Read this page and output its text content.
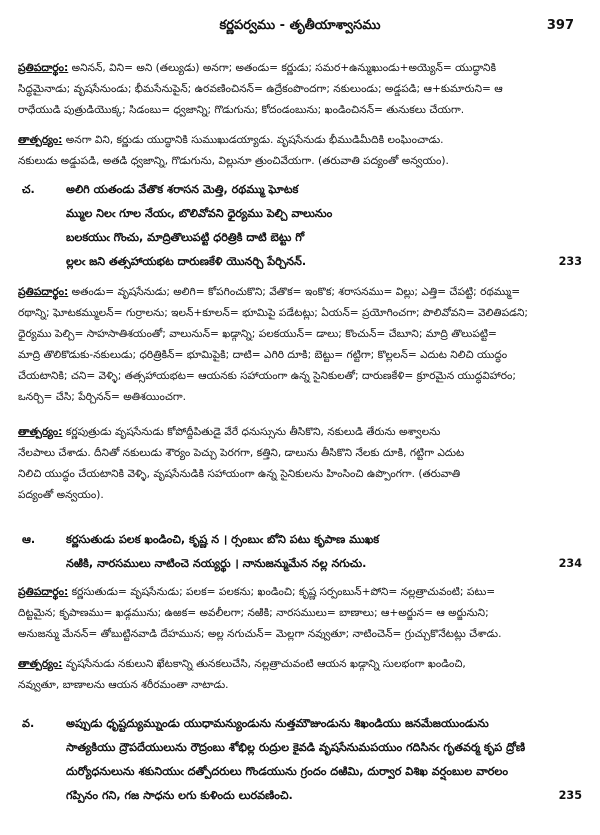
కర్ణపర్వము - తృతీయాశ్వాసము	397
ప్రతిపదార్థం: అనినన్, విని= అని (తల్యుడు) అనగా; అతండు= కర్ణుడు; సమర+ఉన్ముఖుండు+అయ్యెన్= యుద్ధానికి
సిద్ధమైనాడు; వృషసేనుండు; భీమసేనుపైన్; ఉరవణించినన్= ఉద్రేకంపొందగా; నకులుండు; అడ్డపడి; ఆ+కుమారుని= ఆ
రాధేయుడి పుత్రుడియొక్క; సిడంబు= ధ్వజాన్ని; గొడుగును; కోదండంబును; ఖండించినన్= తునుకలు చేయగా.
తాత్పర్యం: అనగా విని, కర్ణుడు యుద్ధానికి సుముఖుడయ్యాడు. వృషసేనుడు భీముడిమీదికి లంఘించాడు.
నకులుడు అడ్డుపడి, అతడి ధ్వజాన్ని, గొడుగును, విల్లునూ త్రుంచివేయగా. (తరువాతి పద్యంతో అన్వయం).
చ.	అలిగి యతండు వేతొక శరాసన మెత్తి, రథమ్ము ఘోటక
మ్ముల నిలఁ గూల నేయఁ, బొలివోవని ధైర్యము పెల్చి వాలునుం
బలకయుఁ గొంచు, మాద్రితొలుపట్టి ధరిత్రికి దాటి బెట్టు గో
ల్లలఁ జని తత్సహాయభట దారుణకేళి యొనర్చి పేర్చినన్.	233
ప్రతిపదార్థం: అతండు= వృషసేనుడు; అలిగి= కోపగించుకొని; వేతొక= ఇంకొక; శరాసనము= విల్లు; ఎత్తి= చేపట్టి; రథమ్ము=
రథాన్ని; ఘోటకమ్ములన్= గుర్రాలను; ఇలన్+కూలన్= భూమిపై పడేటట్లు; ఏయన్= ప్రయోగించగా; పొలివోవని= వెలితిపడని;
ధైర్యము పెల్చి= సాహసాతిశయంతో; వాలునున్= ఖడ్గాన్ని; పలకయున్= డాలు; కొంచున్= చేబూని; మాద్రి తొలుపట్టి=
మాద్రి తొలికొడుకు-నకులుడు; ధరిత్రికిన్= భూమిపైకి; దాటి= ఎగిరి దూకి; బెట్టు= గట్టిగా; కొల్లలన్= ఎదుట నిలిచి యుద్ధం
చేయటానికి; చని= వెళ్ళి; తత్సహాయభట= ఆయనకు సహాయంగా ఉన్న సైనికులతో; దారుణకేళి= క్రూరమైన యుద్ధవిహారం;
ఒనర్చి= చేసి; పేర్చినన్= అతిశయించగా.
తాత్పర్యం: కర్ణపుత్రుడు వృషసేనుడు కోపోద్దీపితుడై వేరే ధనుస్సును తీసికొని, నకులుడి తేరును అశ్వాలను
నేలపాలు చేశాడు. దీనితో నకులుడు శౌర్యం పెచ్చు పెరగగా, కత్తిని, డాలును తీసికొని నేలకు దూకి, గట్టిగా ఎదుట
నిలిచి యుద్ధం చేయటానికి వెళ్ళి, వృషసేనుడికి సహాయంగా ఉన్న సైనికులను హింసించి ఉప్పొంగగా. (తరువాతి
పద్యంతో అన్వయం).
ఆ.	కర్ణసుతుడు పలక ఖండించి, కృష్ణ న । ర్సంబుఁ బోని పటు కృపాణ ముఖక
నఱికి, నారసములు నాటించె నయ్యర్థు । నానుజన్ముమేన నల్ల నగుచు.	234
ప్రతిపదార్థం: కర్ణసుతుడు= వృషసేనుడు; పలక= పలకను; ఖండించి; కృష్ణ సర్పంబున్+పోని= నల్లత్రాచువంటి; పటు=
దిట్టమైన; కృపాణము= ఖడ్గమును; ఉఱక= అవలీలగా; నఱికి; నారసములు= బాణాలు; ఆ+అర్జున= ఆ అర్జునుని;
అనుజన్ము మేనన్= తోబుట్టినవాడి దేహమున; అల్ల నగుచున్= మెల్లగా నవ్వుతూ; నాటించెన్= గ్రుచ్చుకొనేటట్లు చేశాడు.
తాత్పర్యం: వృషసేనుడు నకులుని ఖేటకాన్ని తునకలుచేసి, నల్లత్రాచువంటి ఆయన ఖడ్గాన్ని సులభంగా ఖండించి,
నవ్వుతూ, బాణాలను ఆయన శరీరమంతా నాటాడు.
వ.	అప్పుడు ధృష్టద్యుమ్నుండు యుధామన్యుండును నుత్తమౌజుండును శిఖండియు జనమేజయుండును
సాత్యకియు ద్రౌపదేయులును రౌద్రంబు శోభిల్ల రుద్రుల కైవడి వృషసేనుమపయుం గదిసినఁ గృతవర్మ కృప ద్రోణి
దుర్యోధనులును శకునియుఁ దత్పోదరులు గొండయును గ్రందం దఱిమి, దుర్వార విశిఖ వర్షంబుల వారలం
గప్పినం గని, గజ సాధను లగు కుళిందు లురవణించి.	235
